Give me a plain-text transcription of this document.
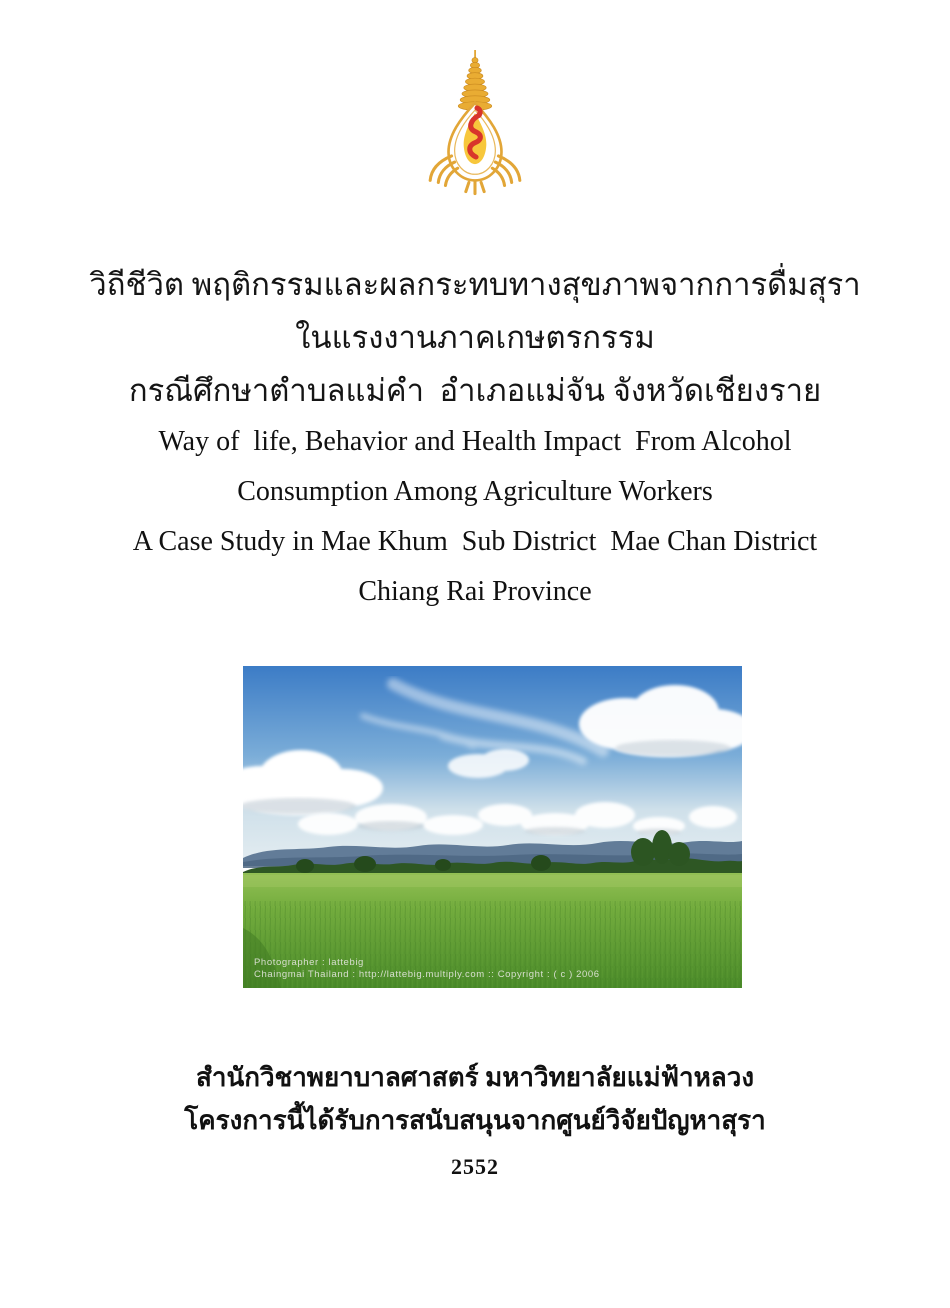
วิถีชีวิต พฤติกรรมและผลกระทบทางสุขภาพจากการดื่มสุรา
ในแรงงานภาคเกษตรกรรม
กรณีศึกษาตำบลแม่คำ  อำเภอแม่จัน จังหวัดเชียงราย
Way of  life, Behavior and Health Impact  From Alcohol
Consumption Among Agriculture Workers
A Case Study in Mae Khum  Sub District  Mae Chan District
Chiang Rai Province
Photographer : lattebig
Chaingmai Thailand : http://lattebig.multiply.com :: Copyright : ( c ) 2006
สำนักวิชาพยาบาลศาสตร์ มหาวิทยาลัยแม่ฟ้าหลวง
โครงการนี้ได้รับการสนับสนุนจากศูนย์วิจัยปัญหาสุรา
2552
